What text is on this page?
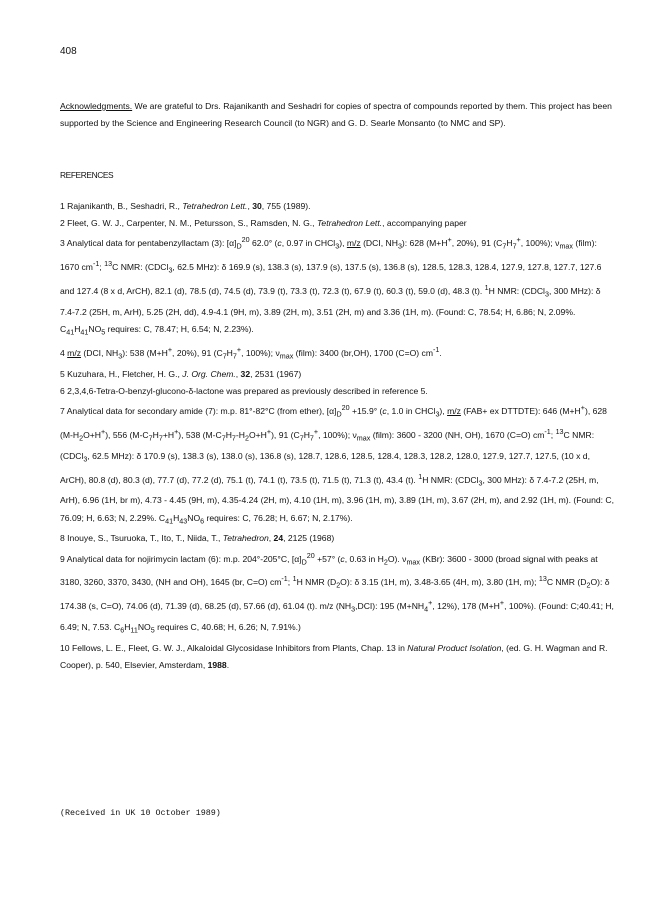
408
Acknowledgments. We are grateful to Drs. Rajanikanth and Seshadri for copies of spectra of compounds reported by them. This project has been supported by the Science and Engineering Research Council (to NGR) and G. D. Searle Monsanto (to NMC and SP).
REFERENCES

1 Rajanikanth, B., Seshadri, R., Tetrahedron Lett., 30, 755 (1989).

2 Fleet, G. W. J., Carpenter, N. M., Petursson, S., Ramsden, N. G., Tetrahedron Lett., accompanying paper

3 Analytical data for pentabenzyllactam (3): $[\alpha]_D^{20}$ 62.0° (c, 0.97 in CHCl$_3$), m/z (DCI, $NH_3$): 628 (M+H+, 20%), 91 ($C_7H_7^+$, 100%); $\nu_{max}$ (film): 1670 $cm^{-1}$; $^{13}$C NMR: (CDCl$_3$, 62.5 MHz): δ 169.9 (s), 138.3 (s), 137.9 (s), 137.5 (s), 136.8 (s), 128.5, 128.3, 128.4, 127.9, 127.8, 127.7, 127.6 and 127.4 (8 x d, ArCH), 82.1 (d), 78.5 (d), 74.5 (d), 73.9 (t), 73.3 (t), 72.3 (t), 67.9 (t), 60.3 (t), 59.0 (d), 48.3 (t). $^1$H NMR: (CDCl$_3$, 300 MHz): δ 7.4-7.2 (25H, m, ArH), 5.25 (2H, dd), 4.9-4.1 (9H, m), 3.89 (2H, m), 3.51 (2H, m) and 3.36 (1H, m). (Found: C, 78.54; H, 6.86; N, 2.09%. $C_{41}H_{41}NO_5$ requires: C, 78.47; H, 6.54; N, 2.23%).

4 m/z (DCI, $NH_3$): 538 (M+H+, 20%), 91 ($C_7H_7^+$, 100%); $\nu_{max}$ (film): 3400 (br,OH), 1700 (C=O) $cm^{-1}$.

5 Kuzuhara, H., Fletcher, H. G., J. Org. Chem., 32, 2531 (1967)

6 2,3,4,6-Tetra-O-benzyl-glucono-δ-lactone was prepared as previously described in reference 5.

7 Analytical data for secondary amide (7): m.p. 81°-82°C (from ether), $[\alpha]_D^{20} +15.9^\circ$ (c, 1.0 in CHCl$_3$), m/z (FAB+ ex DTTDTE): 646 (M+H+), 628 $(M-H_2O+H^+)$, 556 $(M-C_7H_7+H^+)$, 538 $(M-C_7H_7-H_2O+H^+)$, 91 ($C_7H_7^+$, 100%); $\nu_{max}$ (film): 3600 - 3200 (NH, OH), 1670 (C=O) $cm^{-1}$; $^{13}$C NMR: (CDCl$_3$, 62.5 MHz): δ 170.9 (s), 138.3 (s), 138.0 (s), 136.8 (s), 128.7, 128.6, 128.5, 128.4, 128.3, 128.2, 128.0, 127.9, 127.7, 127.5, (10 x d, ArCH), 80.8 (d), 80.3 (d), 77.7 (d), 77.2 (d), 75.1 (t), 74.1 (t), 73.5 (t), 71.5 (t), 71.3 (t), 43.4 (t). $^1$H NMR: (CDCl$_3$, 300 MHz): δ 7.4-7.2 (25H, m, ArH), 6.96 (1H, br m), 4.73 - 4.45 (9H, m), 4.35-4.24 (2H, m), 4.10 (1H, m), 3.96 (1H, m), 3.89 (1H, m), 3.67 (2H, m), and 2.92 (1H, m). (Found: C, 76.09; H, 6.63; N, 2.29%. $C_{41}H_{43}NO_6$ requires: C, 76.28; H, 6.67; N, 2.17%).

8 Inouye, S., Tsuruoka, T., Ito, T., Niida, T., Tetrahedron, 24, 2125 (1968)

9 Analytical data for nojirimycin lactam (6): m.p. 204°-205°C, $[\alpha]_D^{20} +57^\circ$ (c, 0.63 in $H_2O$). $\nu_{max}$ (KBr): 3600 - 3000 (broad signal with peaks at 3180, 3260, 3370, 3430, (NH and OH), 1645 (br, C=O) $cm^{-1}$; $^1$H NMR $(D_2O)$: δ 3.15 (1H, m), 3.48-3.65 (4H, m), 3.80 (1H, m); $^{13}$C NMR $(D_2O)$: δ 174.38 (s, C=O), 74.06 (d), 71.39 (d), 68.25 (d), 57.66 (d), 61.04 (t). m/z $(NH_3,DCI)$: 195 ($M+NH_4^+$, 12%), 178 (M+H+, 100%). (Found: C;40.41; H, 6.49; N, 7.53. $C_6H_{11}NO_5$ requires C, 40.68; H, 6.26; N, 7.91%.)

10 Fellows, L. E., Fleet, G. W. J., Alkaloidal Glycosidase Inhibitors from Plants, Chap. 13 in Natural Product Isolation, (ed. G. H. Wagman and R. Cooper), p. 540, Elsevier, Amsterdam, 1988.

(Received in UK 10 October 1989)
